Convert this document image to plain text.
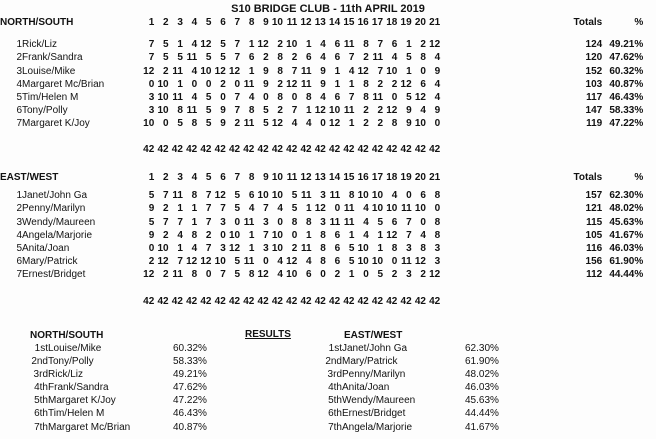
S10 BRIDGE CLUB - 11th APRIL 2019
NORTH/SOUTH		1	2	3	4	5	6	7	8	9	10	11	12	13	14	15	16	17	18	19	20	21	Totals	%

1	Rick/Liz	7	5	1	4	12	5	7	1	12	2	10	1	4	6	11	8	7	6	1	2	12	124	49.21%
2	Frank/Sandra	7	5	5	11	5	5	7	6	2	8	2	6	4	6	7	2	11	4	5	8	4	120	47.62%
3	Louise/Mike	12	2	11	4	10	12	12	1	9	8	7	11	9	1	4	12	7	10	1	0	9	152	60.32%
4	Margaret Mc/Brian	0	10	1	0	0	2	0	11	9	2	12	11	9	1	1	8	2	2	12	6	4	103	40.87%
5	Tim/Helen M	3	10	11	4	5	0	7	4	0	8	0	8	4	6	7	8	11	0	5	12	4	117	46.43%
6	Tony/Polly	3	10	8	11	5	9	7	8	5	2	7	1	12	10	11	2	2	12	9	4	9	147	58.33%
7	Margaret K/Joy	10	0	5	8	5	9	2	11	5	12	4	4	0	12	1	2	2	8	9	10	0	119	47.22%

		42	42	42	42	42	42	42	42	42	42	42	42	42	42	42	42	42	42	42	42	42		
EAST/WEST		1	2	3	4	5	6	7	8	9	10	11	12	13	14	15	16	17	18	19	20	21	Totals	%

1	Janet/John Ga	5	7	11	8	7	12	5	6	10	10	5	11	3	11	8	10	10	4	0	6	8	157	62.30%
2	Penny/Marilyn	9	2	1	1	7	7	5	4	7	4	5	1	12	0	11	4	10	10	11	10	0	121	48.02%
3	Wendy/Maureen	5	7	7	1	7	3	0	11	3	0	8	8	3	11	11	4	5	6	7	0	8	115	45.63%
4	Angela/Marjorie	9	2	4	8	2	0	10	1	7	10	0	1	8	6	1	4	1	12	7	4	8	105	41.67%
5	Anita/Joan	0	10	1	4	7	3	12	1	3	10	2	11	8	6	5	10	1	8	3	8	3	116	46.03%
6	Mary/Patrick	2	12	7	12	12	10	5	11	0	4	12	4	8	6	5	10	10	0	11	12	3	156	61.90%
7	Ernest/Bridget	12	2	11	8	0	7	5	8	12	4	10	6	0	2	1	0	5	2	3	2	12	112	44.44%

		42	42	42	42	42	42	42	42	42	42	42	42	42	42	42	42	42	42	42	42	42		
NORTH/SOUTH
1st	Louise/Mike	60.32%
2nd	Tony/Polly	58.33%
3rd	Rick/Liz	49.21%
4th	Frank/Sandra	47.62%
5th	Margaret K/Joy	47.22%
6th	Tim/Helen M	46.43%
7th	Margaret Mc/Brian	40.87%
RESULTS	EAST/WEST
1st	Janet/John Ga	62.30%
2nd	Mary/Patrick	61.90%
3rd	Penny/Marilyn	48.02%
4th	Anita/Joan	46.03%
5th	Wendy/Maureen	45.63%
6th	Ernest/Bridget	44.44%
7th	Angela/Marjorie	41.67%
